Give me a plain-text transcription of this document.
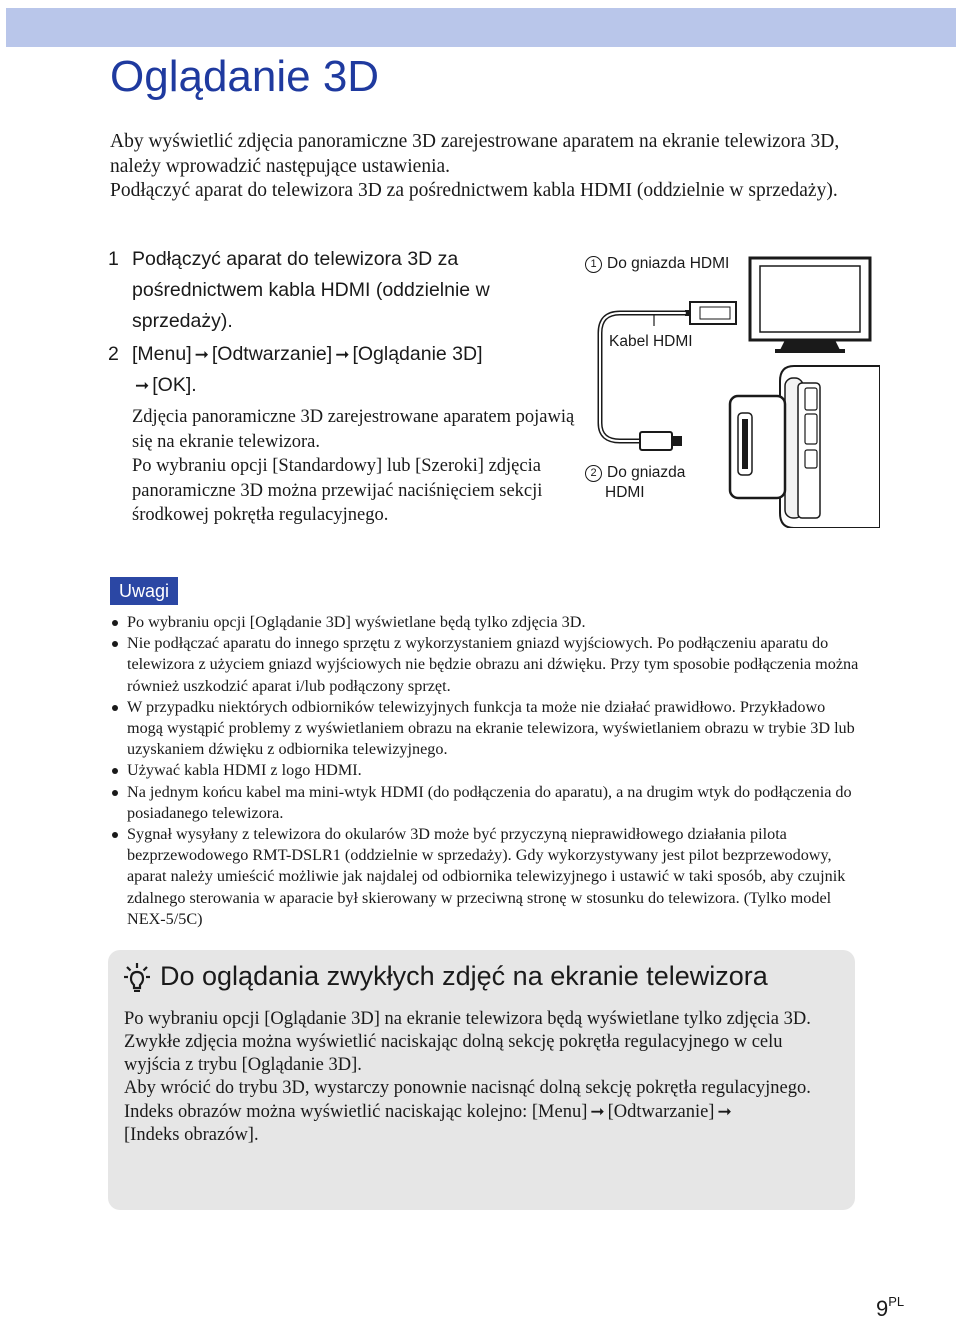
Oglądanie 3D

Aby wyświetlić zdjęcia panoramiczne 3D zarejestrowane aparatem na ekranie telewizora 3D, należy wprowadzić następujące ustawienia.

Podłączyć aparat do telewizora 3D za pośrednictwem kabla HDMI (oddzielnie w sprzedaży).

1 Podłączyć aparat do telewizora 3D za pośrednictwem kabla HDMI (oddzielnie w sprzedaży).
2 [Menu] ➞ [Odtwarzanie] ➞ [Oglądanie 3D]
➞ [OK].

Zdjęcia panoramiczne 3D zarejestrowane aparatem pojawią się na ekranie telewizora.

Po wybraniu opcji [Standardowy] lub [Szeroki] zdjęcia panoramiczne 3D można przewijać naciśnięciem sekcji środkowej pokrętła regulacyjnego.

1 Do gniazda HDMI
Kabel HDMI
2 Do gniazda
HDMI
Uwagi
Po wybraniu opcji [Oglądanie 3D] wyświetlane będą tylko zdjęcia 3D.
Nie podłączać aparatu do innego sprzętu z wykorzystaniem gniazd wyjściowych. Po podłączeniu aparatu do telewizora z użyciem gniazd wyjściowych nie będzie obrazu ani dźwięku. Przy tym sposobie podłączenia można również uszkodzić aparat i/lub podłączony sprzęt.
W przypadku niektórych odbiorników telewizyjnych funkcja ta może nie działać prawidłowo. Przykładowo mogą wystąpić problemy z wyświetlaniem obrazu na ekranie telewizora, wyświetlaniem obrazu w trybie 3D lub uzyskaniem dźwięku z odbiornika telewizyjnego.
Używać kabla HDMI z logo HDMI.
Na jednym końcu kabel ma mini-wtyk HDMI (do podłączenia do aparatu), a na drugim wtyk do podłączenia do posiadanego telewizora.
Sygnał wysyłany z telewizora do okularów 3D może być przyczyną nieprawidłowego działania pilota bezprzewodowego RMT-DSLR1 (oddzielnie w sprzedaży). Gdy wykorzystywany jest pilot bezprzewodowy, aparat należy umieścić możliwie jak najdalej od odbiornika telewizyjnego i ustawić w taki sposób, aby czujnik zdalnego sterowania w aparacie był skierowany w przeciwną stronę w stosunku do telewizora. (Tylko model NEX-5/5C)
Do oglądania zwykłych zdjęć na ekranie telewizora

Po wybraniu opcji [Oglądanie 3D] na ekranie telewizora będą wyświetlane tylko zdjęcia 3D.

Zwykłe zdjęcia można wyświetlić naciskając dolną sekcję pokrętła regulacyjnego w celu wyjścia z trybu [Oglądanie 3D].

Aby wrócić do trybu 3D, wystarczy ponownie nacisnąć dolną sekcję pokrętła regulacyjnego.

Indeks obrazów można wyświetlić naciskając kolejno: [Menu] ➞ [Odtwarzanie] ➞
[Indeks obrazów].

$9^{PL}$
